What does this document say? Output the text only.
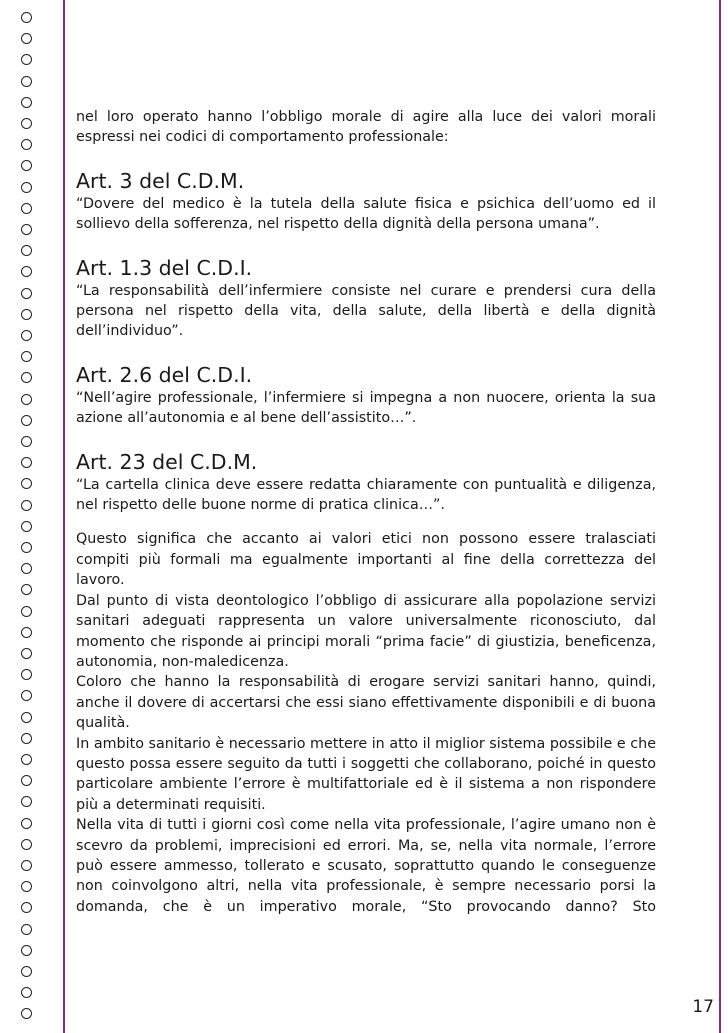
nel loro operato hanno l’obbligo morale di agire alla luce dei valori morali espressi nei codici di comportamento professionale:

Art. 3 del C.D.M.

“Dovere del medico è la tutela della salute fisica e psichica dell’uomo ed il sollievo della sofferenza, nel rispetto della dignità della persona umana”.

Art. 1.3 del C.D.I.

“La responsabilità dell’infermiere consiste nel curare e prendersi cura della persona nel rispetto della vita, della salute, della libertà e della dignità dell’individuo”.

Art. 2.6 del C.D.I.

“Nell’agire professionale, l’infermiere si impegna a non nuocere, orienta la sua azione all’autonomia e al bene dell’assistito…”.

Art. 23 del C.D.M.

“La cartella clinica deve essere redatta chiaramente con puntualità e diligenza, nel rispetto delle buone norme di pratica clinica…”.

Questo significa che accanto ai valori etici non possono essere tralasciati compiti più formali ma egualmente importanti al fine della correttezza del lavoro.

Dal punto di vista deontologico l’obbligo di assicurare alla popolazione servizi sanitari adeguati rappresenta un valore universalmente riconosciuto, dal momento che risponde ai principi morali “prima facie” di giustizia, beneficenza, autonomia, non-maledicenza.

Coloro che hanno la responsabilità di erogare servizi sanitari hanno, quindi, anche il dovere di accertarsi che essi siano effettivamente disponibili e di buona qualità.

In ambito sanitario è necessario mettere in atto il miglior sistema possibile e che questo possa essere seguito da tutti i soggetti che collaborano, poiché in questo particolare ambiente l’errore è multifattoriale ed è il sistema a non rispondere più a determinati requisiti.

Nella vita di tutti i giorni così come nella vita professionale, l’agire umano non è scevro da problemi, imprecisioni ed errori. Ma, se, nella vita normale, l’errore può essere ammesso, tollerato e scusato, soprattutto quando le conseguenze non coinvolgono altri, nella vita professionale, è sempre necessario porsi la domanda, che è un imperativo morale, “Sto provocando danno? Sto

17
